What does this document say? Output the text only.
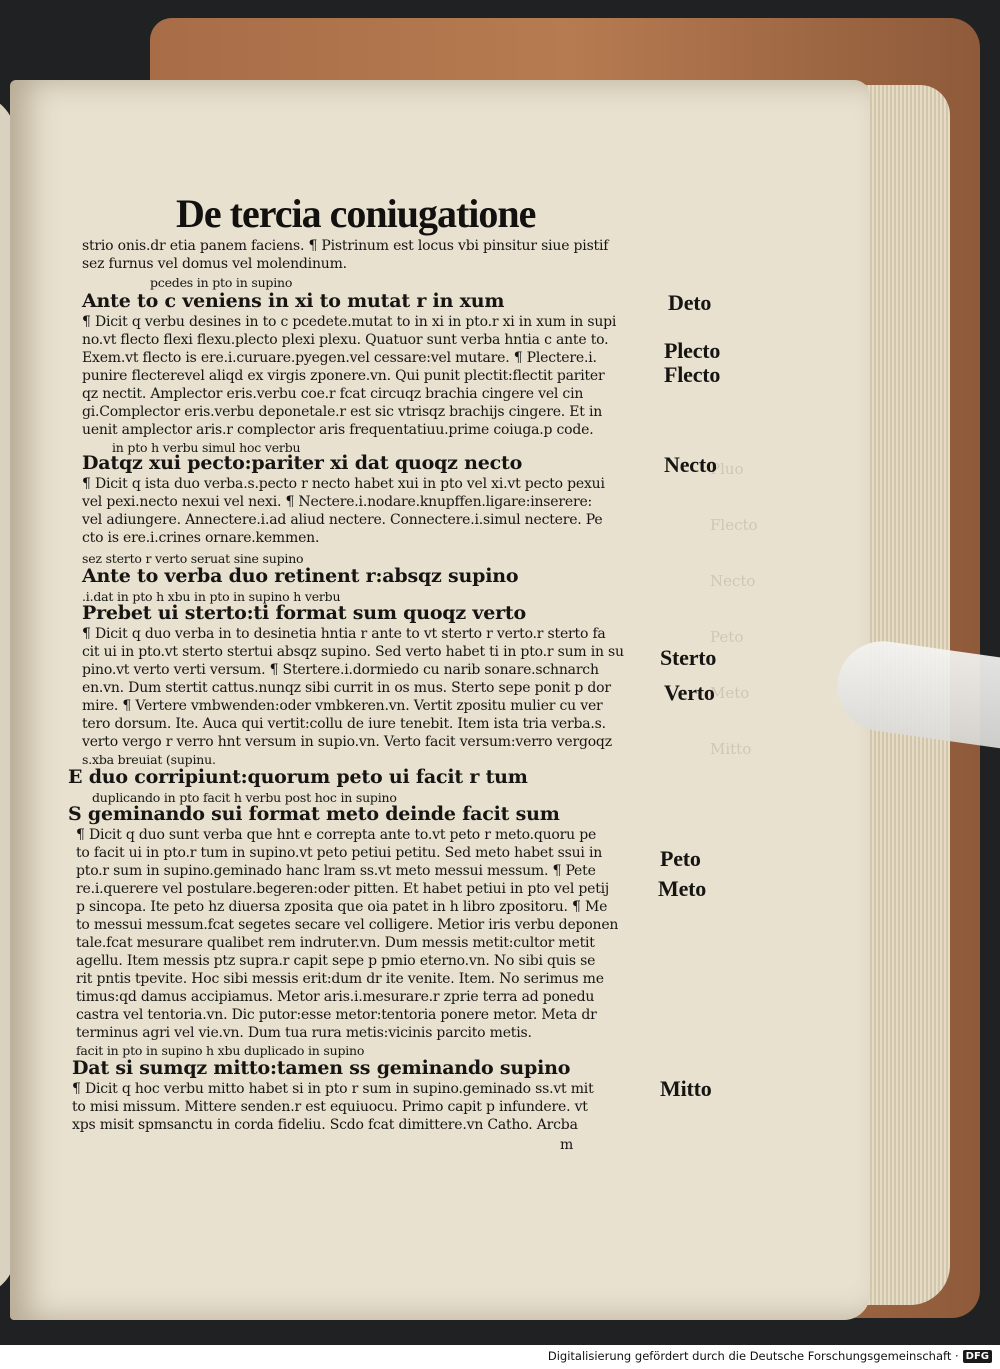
Pluo
Flecto
Necto
Peto
Meto
Mitto
De tercia coniugatione
strio onis.dr etia panem faciens. ¶ Pistrinum est locus vbi pinsitur siue pistif
sez furnus vel domus vel molendinum.
pcedes in pto in supino
Ante to c veniens in xi to mutat r in xum
¶ Dicit q verbu desines in to c pcedete.mutat to in xi in pto.r xi in xum in supi
no.vt flecto flexi flexu.plecto plexi plexu. Quatuor sunt verba hntia c ante to.
Exem.vt flecto is ere.i.curuare.pyegen.vel cessare:vel mutare. ¶ Plectere.i.
punire flecterevel aliqd ex virgis zponere.vn. Qui punit plectit:flectit pariter
qz nectit. Amplector eris.verbu coe.r fcat circuqz brachia cingere vel cin
gi.Complector eris.verbu deponetale.r est sic vtrisqz brachijs cingere. Et in
uenit amplector aris.r complector aris frequentatiuu.prime coiuga.p code.
in pto h verbu simul hoc verbu
Datqz xui pecto:pariter xi dat quoqz necto
¶ Dicit q ista duo verba.s.pecto r necto habet xui in pto vel xi.vt pecto pexui
vel pexi.necto nexui vel nexi. ¶ Nectere.i.nodare.knupffen.ligare:inserere:
vel adiungere. Annectere.i.ad aliud nectere. Connectere.i.simul nectere. Pe
cto is ere.i.crines ornare.kemmen.
sez sterto r verto seruat sine supino
Ante to verba duo retinent r:absqz supino
.i.dat in pto h xbu in pto in supino h verbu
Prebet ui sterto:ti format sum quoqz verto
¶ Dicit q duo verba in to desinetia hntia r ante to vt sterto r verto.r sterto fa
cit ui in pto.vt sterto stertui absqz supino. Sed verto habet ti in pto.r sum in su
pino.vt verto verti versum. ¶ Stertere.i.dormiedo cu narib sonare.schnarch
en.vn. Dum stertit cattus.nunqz sibi currit in os mus. Sterto sepe ponit p dor
mire. ¶ Vertere vmbwenden:oder vmbkeren.vn. Vertit zpositu mulier cu ver
tero dorsum. Ite. Auca qui vertit:collu de iure tenebit. Item ista tria verba.s.
verto vergo r verro hnt versum in supio.vn. Verto facit versum:verro vergoqz
s.xba breuiat (supinu.
E duo corripiunt:quorum peto ui facit r tum
duplicando in pto facit h verbu post hoc in supino
S geminando sui format meto deinde facit sum
¶ Dicit q duo sunt verba que hnt e correpta ante to.vt peto r meto.quoru pe
to facit ui in pto.r tum in supino.vt peto petiui petitu. Sed meto habet ssui in
pto.r sum in supino.geminado hanc lram ss.vt meto messui messum. ¶ Pete
re.i.querere vel postulare.begeren:oder pitten. Et habet petiui in pto vel petij
p sincopa. Ite peto hz diuersa zposita que oia patet in h libro zpositoru. ¶ Me
to messui messum.fcat segetes secare vel colligere. Metior iris verbu deponen
tale.fcat mesurare qualibet rem indruter.vn. Dum messis metit:cultor metit
agellu. Item messis ptz supra.r capit sepe p pmio eterno.vn. No sibi quis se
rit pntis tpevite. Hoc sibi messis erit:dum dr ite venite. Item. No serimus me
timus:qd damus accipiamus. Metor aris.i.mesurare.r zprie terra ad ponedu
castra vel tentoria.vn. Dic putor:esse metor:tentoria ponere metor. Meta dr
terminus agri vel vie.vn. Dum tua rura metis:vicinis parcito metis.
facit in pto in supino h xbu duplicado in supino
Dat si sumqz mitto:tamen ss geminando supino
¶ Dicit q hoc verbu mitto habet si in pto r sum in supino.geminado ss.vt mit
to misi missum. Mittere senden.r est equiuocu. Primo capit p infundere. vt
xps misit spmsanctu in corda fideliu. Scdo fcat dimittere.vn Catho. Arcba
m
Deto
Plecto
Flecto
Necto
Sterto
Verto
Peto
Meto
Mitto
Digitalisierung gefördert durch die Deutsche Forschungsgemeinschaft · DFG
